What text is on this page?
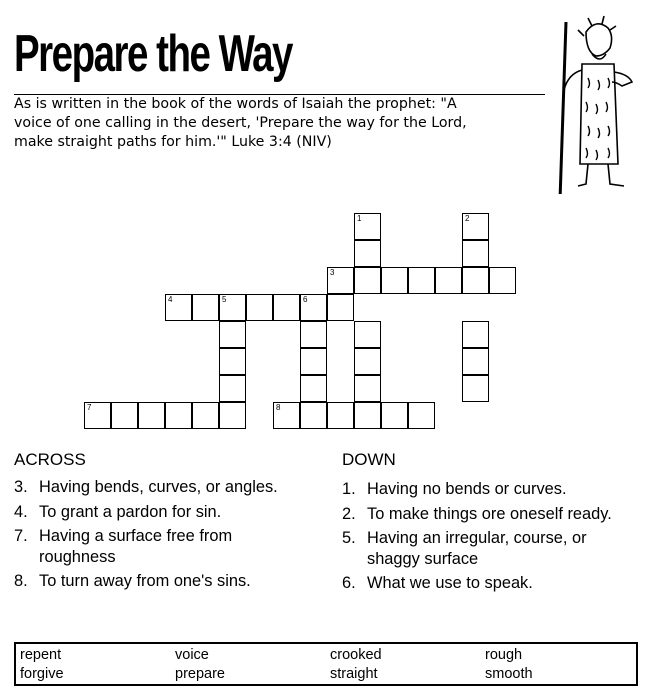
Prepare the Way
As is written in the book of the words of Isaiah the prophet: "A
voice of one calling in the desert, 'Prepare the way for the Lord,
make straight paths for him.'" Luke 3:4 (NIV)
1	2
3
4	5	6
7	8
ACROSS
3. Having bends, curves, or angles.
4. To grant a pardon for sin.
7. Having a surface free from roughness
8. To turn away from one's sins.
DOWN
1. Having no bends or curves.
2. To make things ore oneself ready.
5. Having an irregular, course, or shaggy surface
6. What we use to speak.
repent	voice	crooked	rough
forgive	prepare	straight	smooth
